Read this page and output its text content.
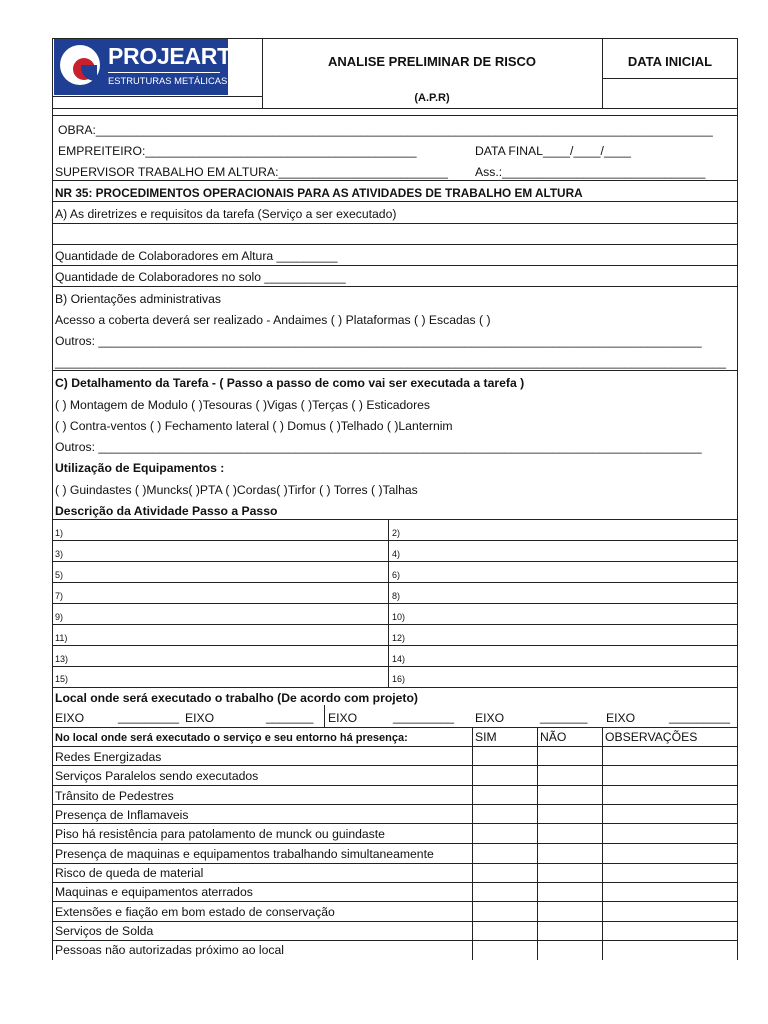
PROJEART
ESTRUTURAS METÁLICAS
ANALISE PRELIMINAR DE RISCO
(A.P.R)
DATA INICIAL
OBRA:___________________________________________________________________________________________
EMPREITEIRO:________________________________________	DATA FINAL____/____/____
SUPERVISOR TRABALHO EM ALTURA:_________________________ Ass.:______________________________
NR 35: PROCEDIMENTOS OPERACIONAIS PARA AS ATIVIDADES DE TRABALHO EM ALTURA
A) As diretrizes e requisitos da tarefa (Serviço a ser executado)
Quantidade de Colaboradores em Altura _________
Quantidade de Colaboradores no solo ____________
B) Orientações administrativas
Acesso a coberta deverá ser realizado - Andaimes ( ) Plataformas ( ) Escadas ( )
Outros: _________________________________________________________________________________________
___________________________________________________________________________________________________
C) Detalhamento da Tarefa - ( Passo a passo de como vai ser executada a tarefa )
( ) Montagem de Modulo ( )Tesouras ( )Vigas ( )Terças ( ) Esticadores
( ) Contra-ventos ( ) Fechamento lateral ( ) Domus ( )Telhado ( )Lanternim
Outros: _________________________________________________________________________________________
Utilização de Equipamentos :
( ) Guindastes ( )Muncks( )PTA ( )Cordas( )Tirfor ( ) Torres ( )Talhas
Descrição da Atividade Passo a Passo
1)	2)
3)	4)
5)	6)
7)	8)
9)	10)
11)	12)
13)	14)
15)	16)
Local onde será executado o trabalho (De acordo com projeto)
EIXO	_________ EIXO	_______ EIXO	_________ EIXO	_______ EIXO	_________
No local onde será executado o serviço e seu entorno há presença:	SIM	NÃO	OBSERVAÇÕES
Redes Energizadas
Serviços Paralelos sendo executados
Trânsito de Pedestres
Presença de Inflamaveis
Piso há resistência para patolamento de munck ou guindaste
Presença de maquinas e equipamentos trabalhando simultaneamente
Risco de queda de material
Maquinas e equipamentos aterrados
Extensões e fiação em bom estado de conservação
Serviços de Solda
Pessoas não autorizadas próximo ao local
